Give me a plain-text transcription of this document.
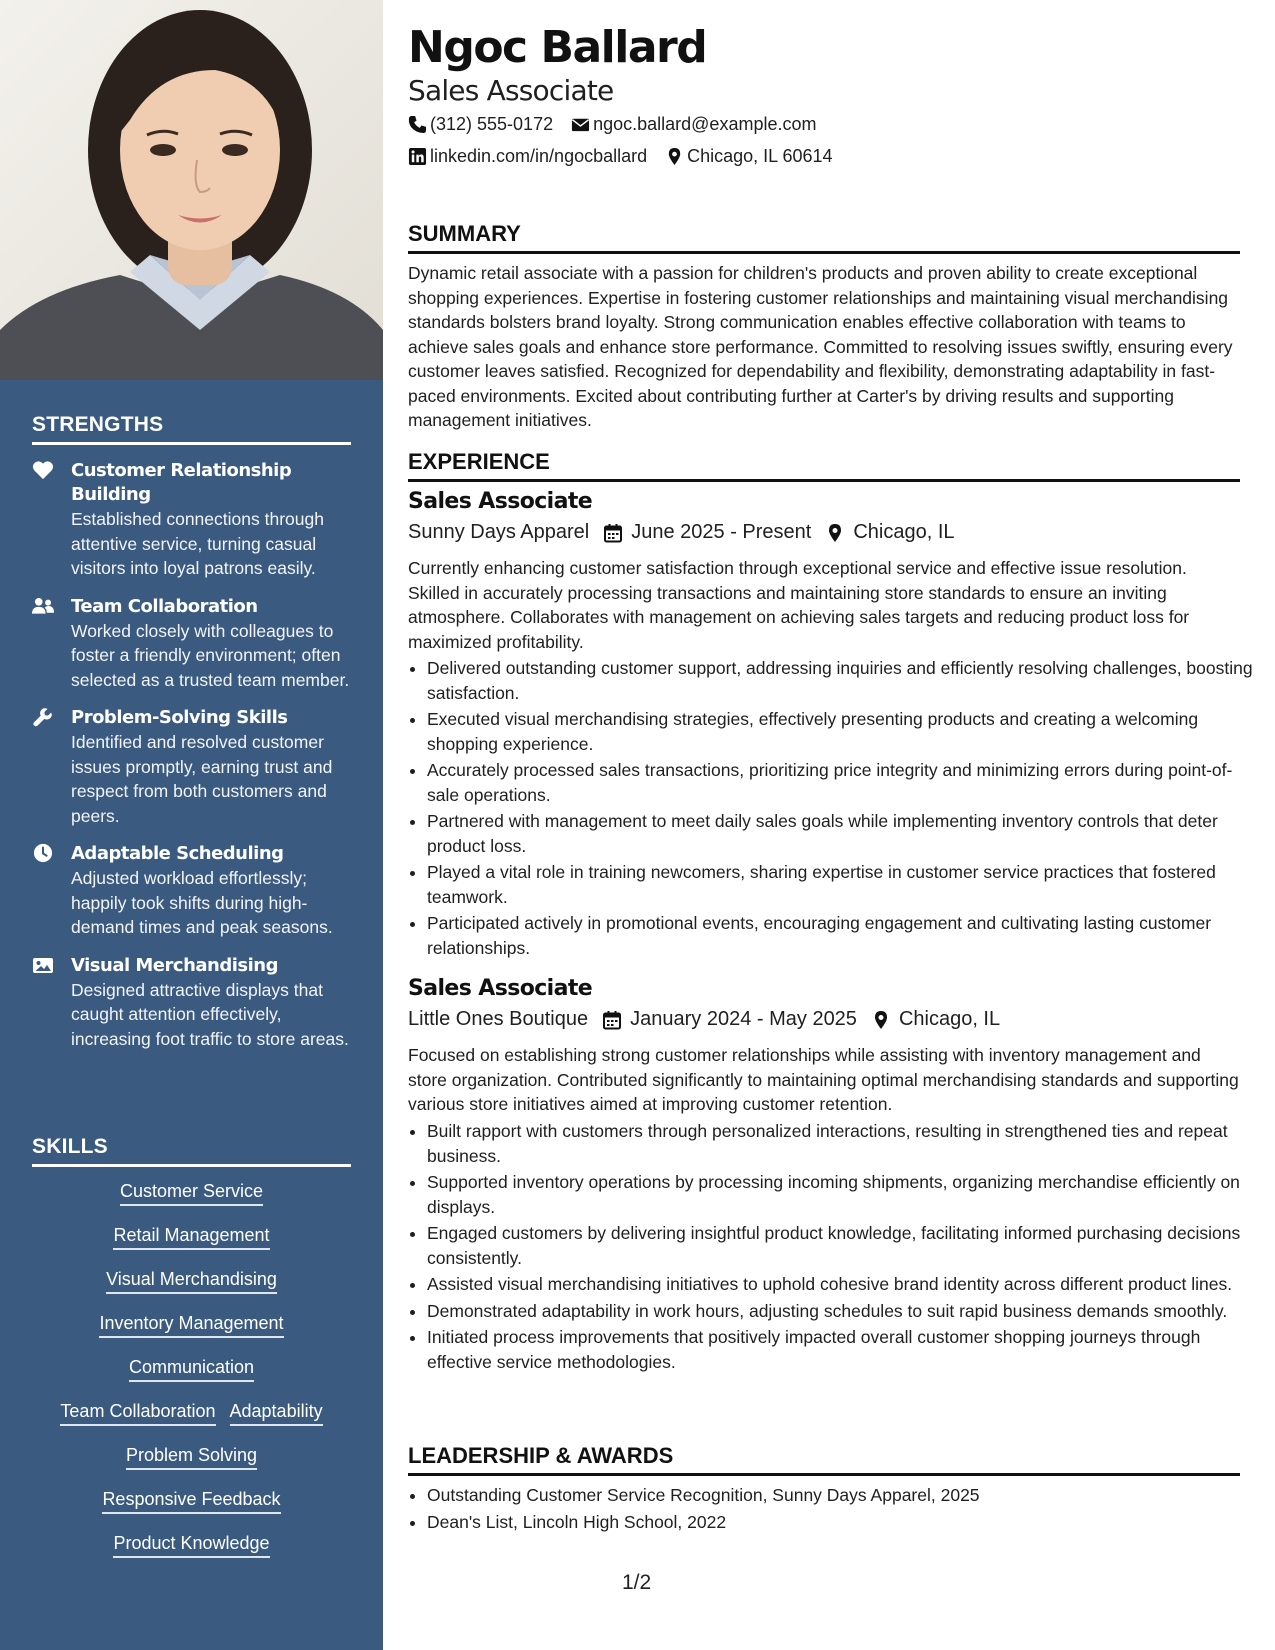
STRENGTHS
Customer Relationship Building
Established connections through attentive service, turning casual visitors into loyal patrons easily.
Team Collaboration
Worked closely with colleagues to foster a friendly environment; often selected as a trusted team member.
Problem-Solving Skills
Identified and resolved customer issues promptly, earning trust and respect from both customers and peers.
Adaptable Scheduling
Adjusted workload effortlessly; happily took shifts during high-demand times and peak seasons.
Visual Merchandising
Designed attractive displays that caught attention effectively, increasing foot traffic to store areas.
SKILLS
Customer Service
Retail Management
Visual Merchandising
Inventory Management
Communication
Team Collaboration Adaptability
Problem Solving
Responsive Feedback
Product Knowledge
Ngoc Ballard
Sales Associate
(312) 555-0172 ngoc.ballard@example.com
linkedin.com/in/ngocballard Chicago, IL 60614
SUMMARY
Dynamic retail associate with a passion for children's products and proven ability to create exceptional shopping experiences. Expertise in fostering customer relationships and maintaining visual merchandising standards bolsters brand loyalty. Strong communication enables effective collaboration with teams to achieve sales goals and enhance store performance. Committed to resolving issues swiftly, ensuring every customer leaves satisfied. Recognized for dependability and flexibility, demonstrating adaptability in fast-paced environments. Excited about contributing further at Carter's by driving results and supporting management initiatives.
EXPERIENCE
Sales Associate
Sunny Days Apparel June 2025 - Present Chicago, IL
Currently enhancing customer satisfaction through exceptional service and effective issue resolution. Skilled in accurately processing transactions and maintaining store standards to ensure an inviting atmosphere. Collaborates with management on achieving sales targets and reducing product loss for maximized profitability.
• Delivered outstanding customer support, addressing inquiries and efficiently resolving challenges, boosting satisfaction.
• Executed visual merchandising strategies, effectively presenting products and creating a welcoming shopping experience.
• Accurately processed sales transactions, prioritizing price integrity and minimizing errors during point-of-sale operations.
• Partnered with management to meet daily sales goals while implementing inventory controls that deter product loss.
• Played a vital role in training newcomers, sharing expertise in customer service practices that fostered teamwork.
• Participated actively in promotional events, encouraging engagement and cultivating lasting customer relationships.
Sales Associate
Little Ones Boutique January 2024 - May 2025 Chicago, IL
Focused on establishing strong customer relationships while assisting with inventory management and store organization. Contributed significantly to maintaining optimal merchandising standards and supporting various store initiatives aimed at improving customer retention.
• Built rapport with customers through personalized interactions, resulting in strengthened ties and repeat business.
• Supported inventory operations by processing incoming shipments, organizing merchandise efficiently on displays.
• Engaged customers by delivering insightful product knowledge, facilitating informed purchasing decisions consistently.
• Assisted visual merchandising initiatives to uphold cohesive brand identity across different product lines.
• Demonstrated adaptability in work hours, adjusting schedules to suit rapid business demands smoothly.
• Initiated process improvements that positively impacted overall customer shopping journeys through effective service methodologies.
LEADERSHIP & AWARDS
• Outstanding Customer Service Recognition, Sunny Days Apparel, 2025
• Dean's List, Lincoln High School, 2022
1/2
